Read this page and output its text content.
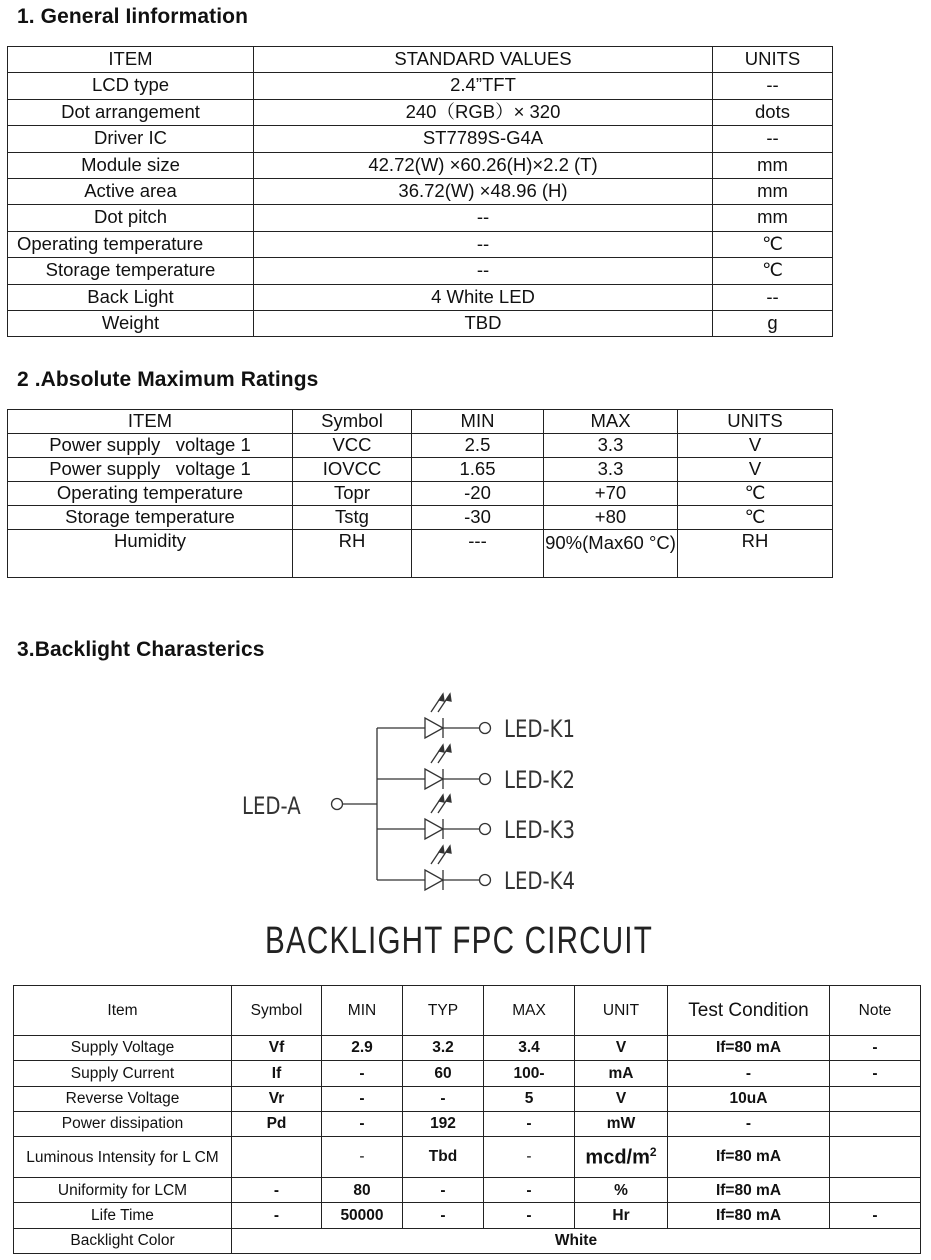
1. General Iinformation
ITEM	STANDARD VALUES	UNITS
LCD type	2.4”TFT	--
Dot arrangement	240（RGB）× 320	dots
Driver IC	ST7789S-G4A	--
Module size	42.72(W) ×60.26(H)×2.2 (T)	mm
Active area	36.72(W) ×48.96 (H)	mm
Dot pitch	--	mm
Operating temperature	--	℃
Storage temperature	--	℃
Back Light	4 White LED	--
Weight	TBD	g
2 .Absolute Maximum Ratings
ITEM	Symbol	MIN	MAX	UNITS
Power supply   voltage 1	VCC	2.5	3.3	V
Power supply   voltage 1	IOVCC	1.65	3.3	V
Operating temperature	Topr	-20	+70	℃
Storage temperature	Tstg	-30	+80	℃
Humidity	RH	---	90%(Max60 °C)	RH
3.Backlight Charasterics
LED-K1
LED-K2
LED-K3
LED-K4
LED-A
BACKLIGHT FPC CIRCUIT
Item	Symbol	MIN	TYP	MAX	UNIT	Test Condition	Note
Supply Voltage	Vf	2.9	3.2	3.4	V	If=80 mA	-
Supply Current	If	-	60	100-	mA	-	-
Reverse Voltage	Vr	-	-	5	V	10uA	
Power dissipation	Pd	-	192	-	mW	-	
Luminous Intensity for L CM		-	Tbd	-	mcd/$m^2$	If=80 mA	
Uniformity for LCM	-	80	-	-	%	If=80 mA	
Life Time	-	50000	-	-	Hr	If=80 mA	-
Backlight Color	White						
